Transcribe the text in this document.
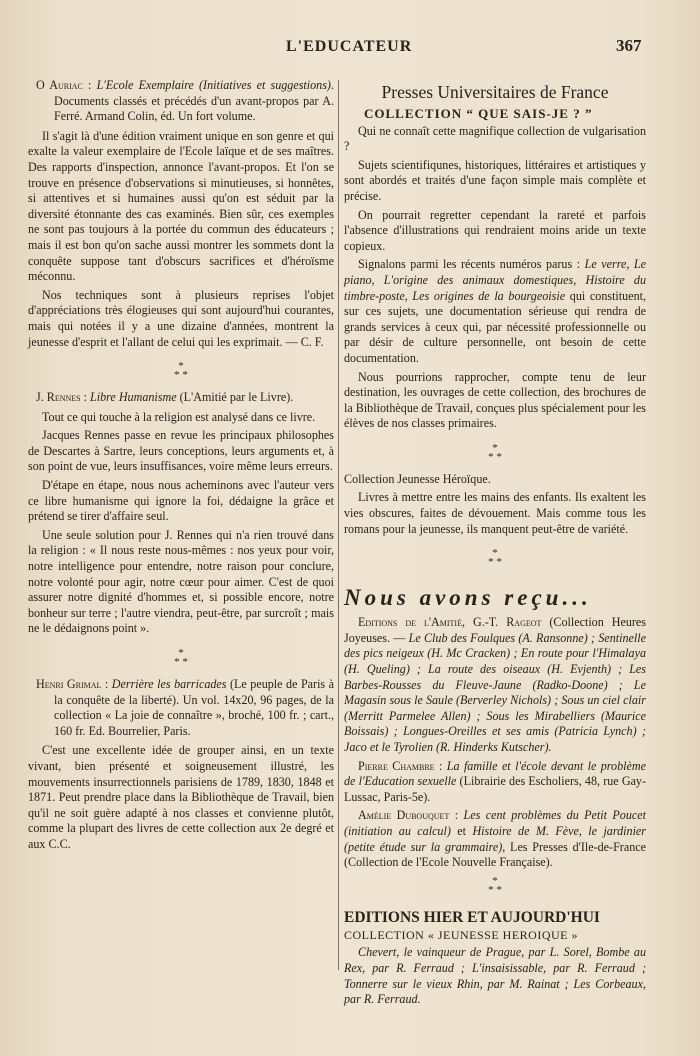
L'EDUCATEUR	367

O Auriac : L'Ecole Exemplaire (Initiatives et suggestions). Documents classés et précédés d'un avant-propos par A. Ferré. Armand Colin, éd. Un fort volume.

Il s'agit là d'une édition vraiment unique en son genre et qui exalte la valeur exemplaire de l'Ecole laïque et de ses maîtres. Des rapports d'inspection, annonce l'avant-propos. Et l'on se trouve en présence d'observations si minutieuses, si honnêtes, si attentives et si humaines aussi qu'on est séduit par la diversité étonnante des cas examinés. Bien sûr, ces exemples ne sont pas toujours à la portée du commun des éducateurs ; mais il est bon qu'on sache aussi montrer les sommets dont la conquête suppose tant d'obscurs sacrifices et d'héroïsme méconnu.

Nos techniques sont à plusieurs reprises l'objet d'appréciations très élogieuses qui sont aujourd'hui courantes, mais qui notées il y a une dizaine d'années, montrent la jeunesse d'esprit et l'allant de celui qui les exprimait. — C. F.

*
* *

J. Rennes : Libre Humanisme (L'Amitié par le Livre).

Tout ce qui touche à la religion est analysé dans ce livre.

Jacques Rennes passe en revue les principaux philosophes de Descartes à Sartre, leurs conceptions, leurs arguments et, à son point de vue, leurs insuffisances, voire même leurs erreurs.

D'étape en étape, nous nous acheminons avec l'auteur vers ce libre humanisme qui ignore la foi, dédaigne la grâce et prétend se tirer d'affaire seul.

Une seule solution pour J. Rennes qui n'a rien trouvé dans la religion : « Il nous reste nous-mêmes : nos yeux pour voir, notre intelligence pour entendre, notre raison pour conclure, notre volonté pour agir, notre cœur pour aimer. C'est de quoi assurer notre dignité d'hommes et, si possible encore, notre bonheur sur terre ; l'autre viendra, peut-être, par surcroît ; mais ne le dédaignons point ».

*
* *

Henri Grimal : Derrière les barricades (Le peuple de Paris à la conquête de la liberté). Un vol. 14x20, 96 pages, de la collection « La joie de connaître », broché, 100 fr. ; cart., 160 fr. Ed. Bourrelier, Paris.

C'est une excellente idée de grouper ainsi, en un texte vivant, bien présenté et soigneusement illustré, les mouvements insurrectionnels parisiens de 1789, 1830, 1848 et 1871. Peut prendre place dans la Bibliothèque de Travail, bien qu'il ne soit guère adapté à nos classes et convienne plutôt, comme la plupart des livres de cette collection aux 2e degré et aux C.C.

Presses Universitaires de France

COLLECTION “ QUE SAIS-JE ? ”

Qui ne connaît cette magnifique collection de vulgarisation ?

Sujets scientifiqunes, historiques, littéraires et artistiques y sont abordés et traités d'une façon simple mais complète et précise.

On pourrait regretter cependant la rareté et parfois l'absence d'illustrations qui rendraient moins aride un texte copieux.

Signalons parmi les récents numéros parus : Le verre, Le piano, L'origine des animaux domestiques, Histoire du timbre-poste, Les origines de la bourgeoisie qui constituent, sur ces sujets, une documentation sérieuse qui rendra de grands services à ceux qui, par nécessité professionnelle ou par désir de culture personnelle, ont besoin de cette documentation.

Nous pourrions rapprocher, compte tenu de leur destination, les ouvrages de cette collection, des brochures de la Bibliothèque de Travail, conçues plus spécialement pour les élèves de nos classes primaires.

*
* *

Collection Jeunesse Héroïque.

Livres à mettre entre les mains des enfants. Ils exaltent les vies obscures, faites de dévouement. Mais comme tous les romans pour la jeunesse, ils manquent peut-être de variété.

*
* *

Nous avons reçu...

Editions de l'Amitié, G.-T. Rageot (Collection Heures Joyeuses. — Le Club des Foulques (A. Ransonne) ; Sentinelle des pics neigeux (H. Mc Cracken) ; En route pour l'Himalaya (H. Queling) ; La route des oiseaux (H. Evjenth) ; Les Barbes-Rousses du Fleuve-Jaune (Radko-Doone) ; Le Magasin sous le Saule (Berverley Nichols) ; Sous un ciel clair (Merritt Parmelee Allen) ; Sous les Mirabelliers (Maurice Boissais) ; Longues-Oreilles et ses amis (Patricia Lynch) ; Jaco et le Tyrolien (R. Hinderks Kutscher).

Pierre Chambre : La famille et l'école devant le problème de l'Education sexuelle (Librairie des Escholiers, 48, rue Gay-Lussac, Paris-5e).

Amélie Dubouquet : Les cent problèmes du Petit Poucet (initiation au calcul) et Histoire de M. Fève, le jardinier (petite étude sur la grammaire), Les Presses d'Ile-de-France (Collection de l'Ecole Nouvelle Française).

*
* *

EDITIONS HIER ET AUJOURD'HUI

COLLECTION « JEUNESSE HEROIQUE »

Chevert, le vainqueur de Prague, par L. Sorel, Bombe au Rex, par R. Ferraud ; L'insaisissable, par R. Ferraud ; Tonnerre sur le vieux Rhin, par M. Rainat ; Les Corbeaux, par R. Ferraud.
